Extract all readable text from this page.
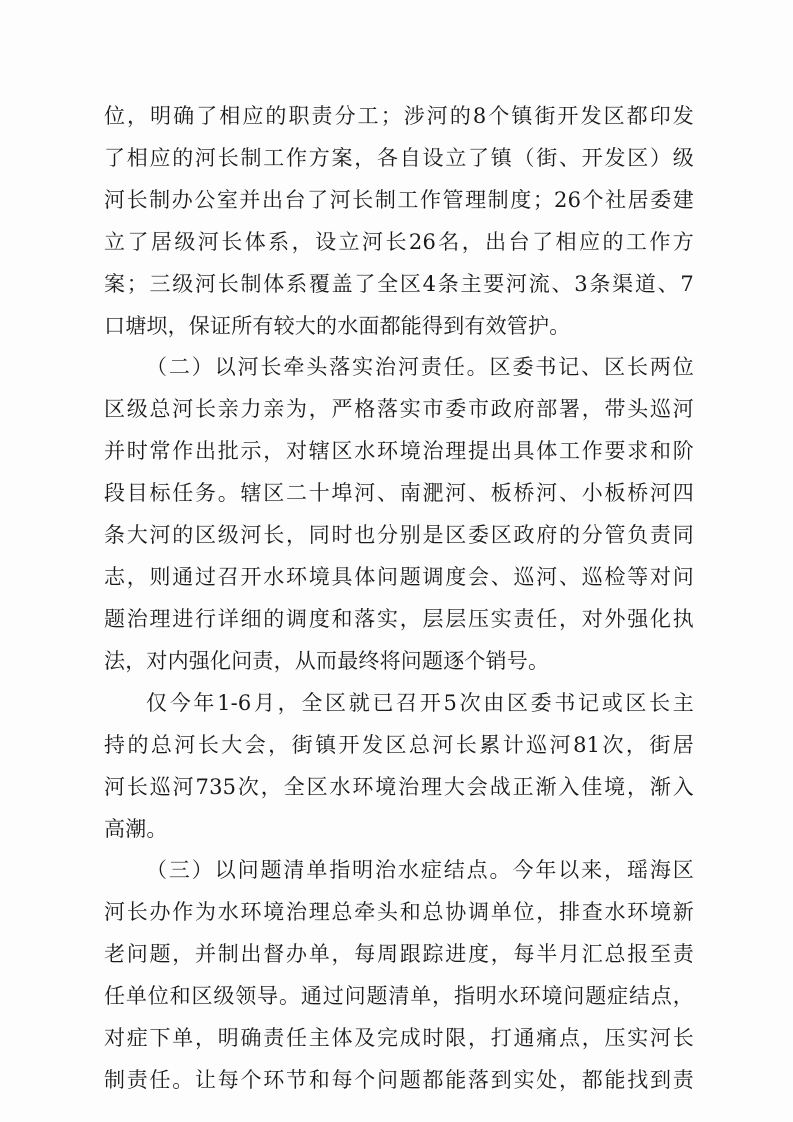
位，明确了相应的职责分工；涉河的8个镇街开发区都印发
了相应的河长制工作方案，各自设立了镇（街、开发区）级
河长制办公室并出台了河长制工作管理制度；26个社居委建
立了居级河长体系，设立河长26名，出台了相应的工作方
案；三级河长制体系覆盖了全区4条主要河流、3条渠道、7
口塘坝，保证所有较大的水面都能得到有效管护。
（二）以河长牵头落实治河责任。区委书记、区长两位
区级总河长亲力亲为，严格落实市委市政府部署，带头巡河
并时常作出批示，对辖区水环境治理提出具体工作要求和阶
段目标任务。辖区二十埠河、南淝河、板桥河、小板桥河四
条大河的区级河长，同时也分别是区委区政府的分管负责同
志，则通过召开水环境具体问题调度会、巡河、巡检等对问
题治理进行详细的调度和落实，层层压实责任，对外强化执
法，对内强化问责，从而最终将问题逐个销号。
仅今年1-6月，全区就已召开5次由区委书记或区长主
持的总河长大会，街镇开发区总河长累计巡河81次，街居
河长巡河735次，全区水环境治理大会战正渐入佳境，渐入
高潮。
（三）以问题清单指明治水症结点。今年以来，瑶海区
河长办作为水环境治理总牵头和总协调单位，排查水环境新
老问题，并制出督办单，每周跟踪进度，每半月汇总报至责
任单位和区级领导。通过问题清单，指明水环境问题症结点，
对症下单，明确责任主体及完成时限，打通痛点，压实河长
制责任。让每个环节和每个问题都能落到实处，都能找到责
